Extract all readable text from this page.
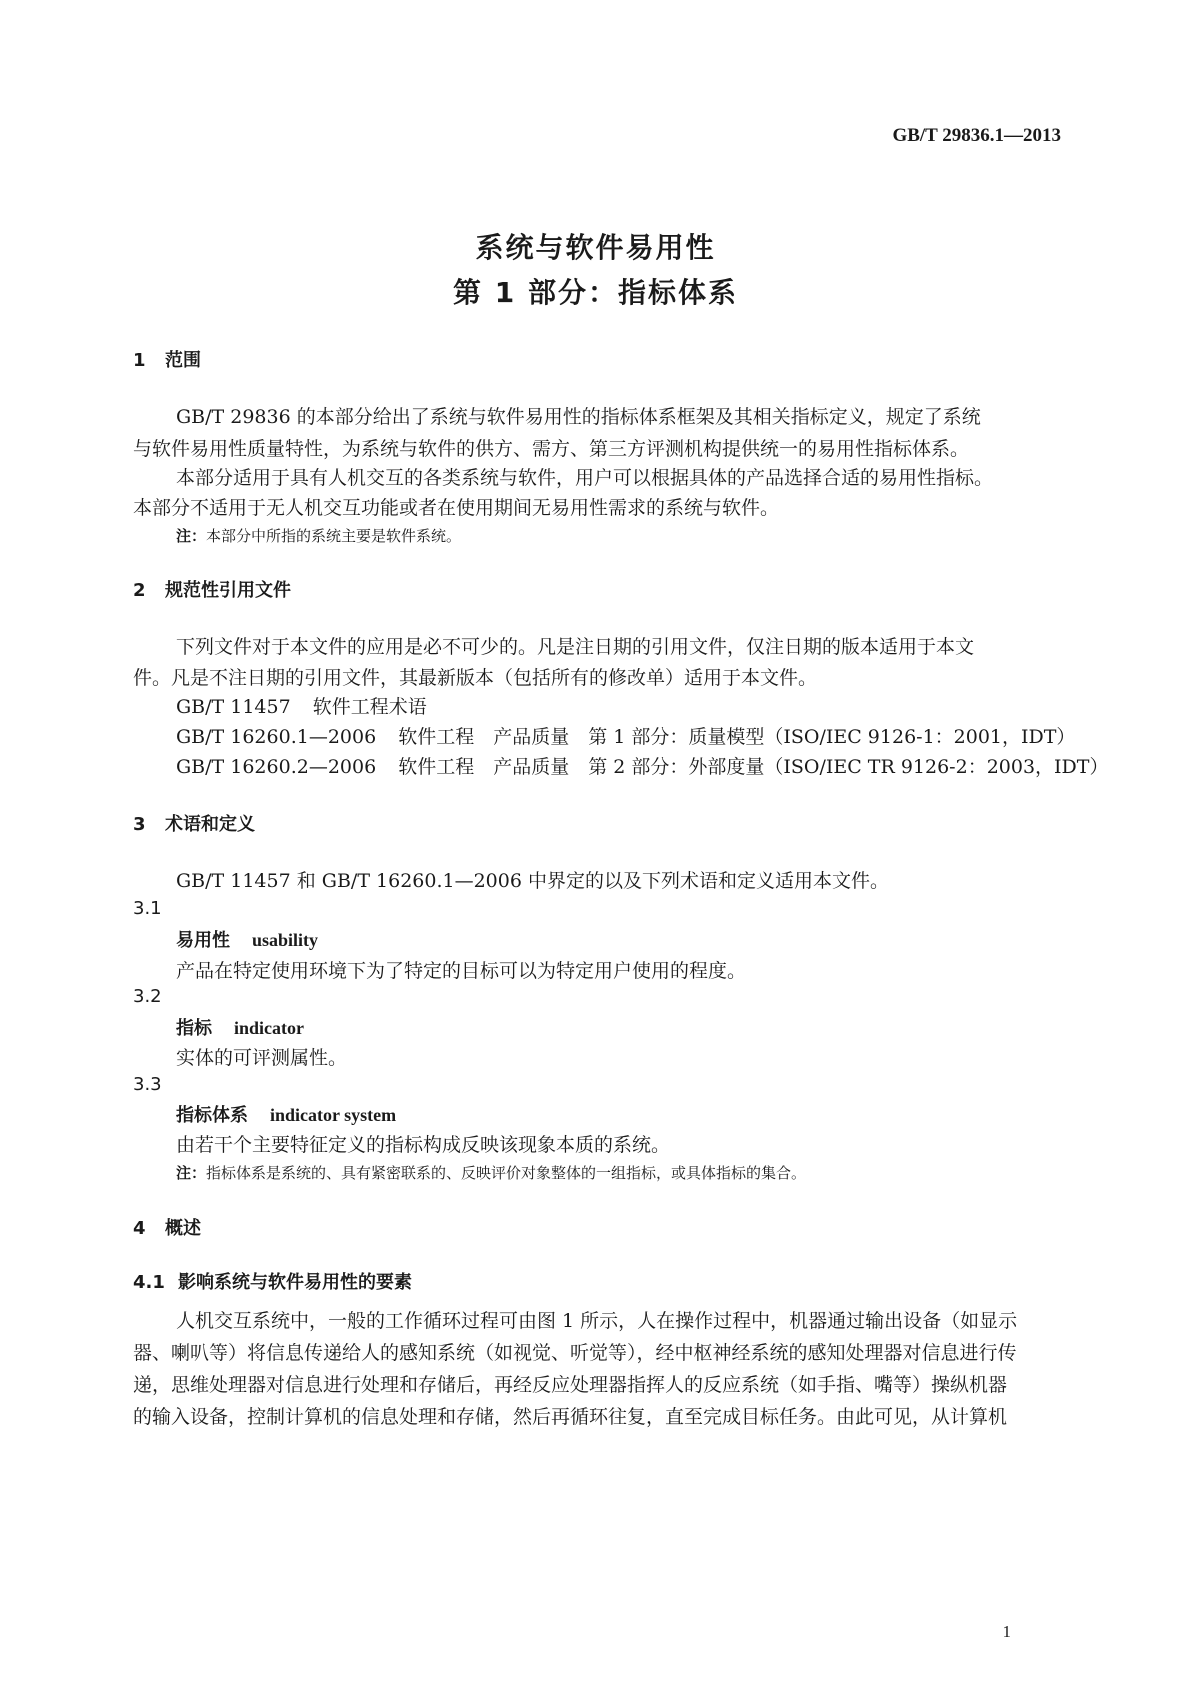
GB/T 29836.1—2013
系统与软件易用性
第 1 部分：指标体系
1 范围
GB/T 29836 的本部分给出了系统与软件易用性的指标体系框架及其相关指标定义，规定了系统
与软件易用性质量特性，为系统与软件的供方、需方、第三方评测机构提供统一的易用性指标体系。
本部分适用于具有人机交互的各类系统与软件，用户可以根据具体的产品选择合适的易用性指标。
本部分不适用于无人机交互功能或者在使用期间无易用性需求的系统与软件。
注：本部分中所指的系统主要是软件系统。
2 规范性引用文件
下列文件对于本文件的应用是必不可少的。凡是注日期的引用文件，仅注日期的版本适用于本文
件。凡是不注日期的引用文件，其最新版本（包括所有的修改单）适用于本文件。
GB/T 11457 软件工程术语
GB/T 16260.1—2006 软件工程　产品质量　第 1 部分：质量模型（ISO/IEC 9126-1：2001，IDT）
GB/T 16260.2—2006 软件工程　产品质量　第 2 部分：外部度量（ISO/IEC TR 9126-2：2003，IDT）
3 术语和定义
GB/T 11457 和 GB/T 16260.1—2006 中界定的以及下列术语和定义适用本文件。
3.1
易用性 usability
产品在特定使用环境下为了特定的目标可以为特定用户使用的程度。
3.2
指标 indicator
实体的可评测属性。
3.3
指标体系 indicator system
由若干个主要特征定义的指标构成反映该现象本质的系统。
注：指标体系是系统的、具有紧密联系的、反映评价对象整体的一组指标，或具体指标的集合。
4 概述
4.1 影响系统与软件易用性的要素
人机交互系统中，一般的工作循环过程可由图 1 所示，人在操作过程中，机器通过输出设备（如显示
器、喇叭等）将信息传递给人的感知系统（如视觉、听觉等），经中枢神经系统的感知处理器对信息进行传
递，思维处理器对信息进行处理和存储后，再经反应处理器指挥人的反应系统（如手指、嘴等）操纵机器
的输入设备，控制计算机的信息处理和存储，然后再循环往复，直至完成目标任务。由此可见，从计算机
1
